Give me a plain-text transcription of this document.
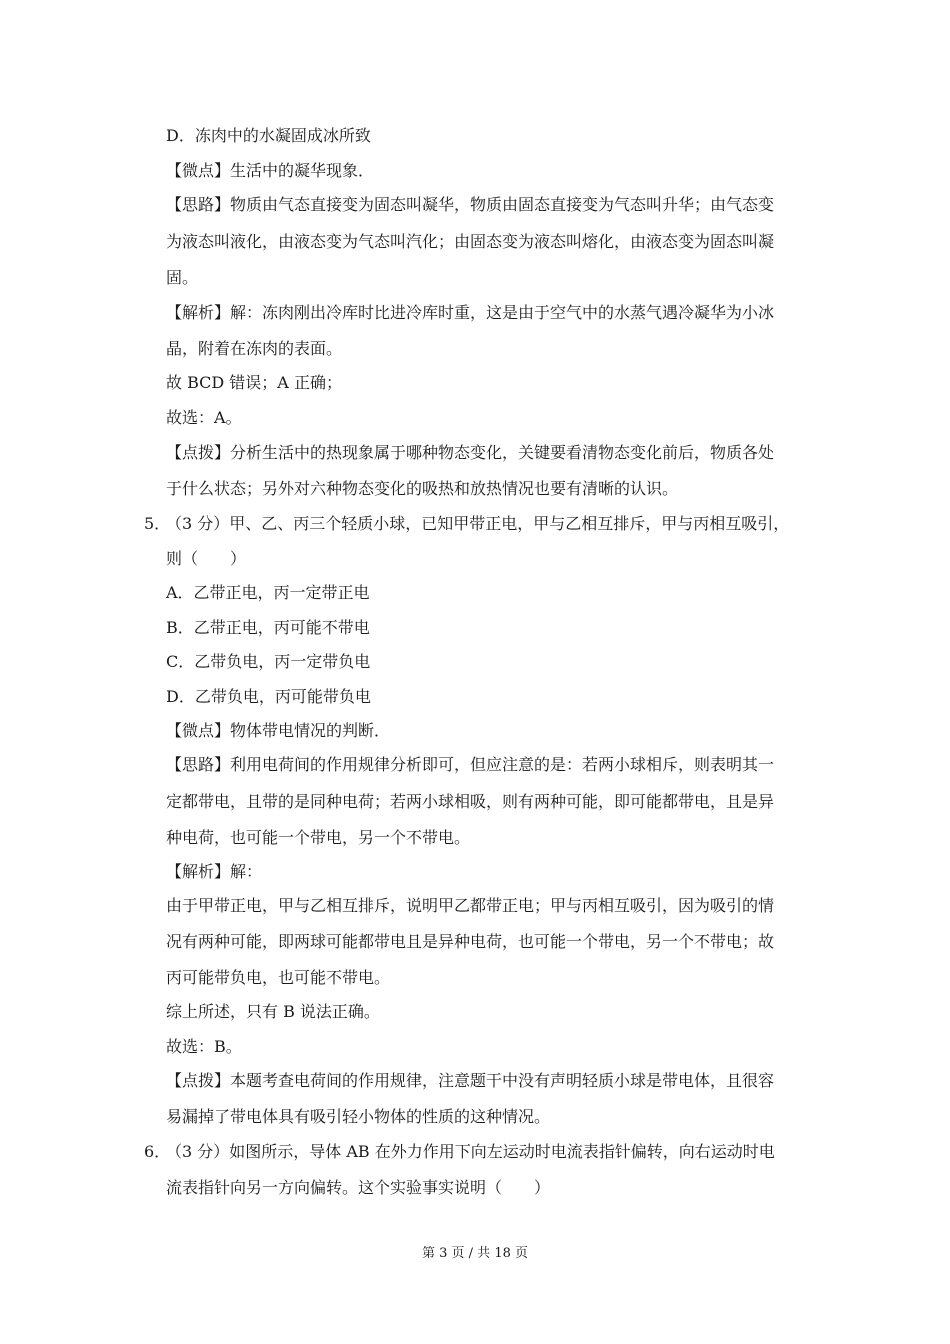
D．冻肉中的水凝固成冰所致
【微点】生活中的凝华现象．
【思路】物质由气态直接变为固态叫凝华，物质由固态直接变为气态叫升华；由气态变
为液态叫液化，由液态变为气态叫汽化；由固态变为液态叫熔化，由液态变为固态叫凝
固。
【解析】解：冻肉刚出冷库时比进冷库时重，这是由于空气中的水蒸气遇冷凝华为小冰
晶，附着在冻肉的表面。
故 BCD 错误；A 正确；
故选：A。
【点拨】分析生活中的热现象属于哪种物态变化，关键要看清物态变化前后，物质各处
于什么状态；另外对六种物态变化的吸热和放热情况也要有清晰的认识。
5．
（3 分）甲、乙、丙三个轻质小球，已知甲带正电，甲与乙相互排斥，甲与丙相互吸引，
则（　　）
A．乙带正电，丙一定带正电
B．乙带正电，丙可能不带电
C．乙带负电，丙一定带负电
D．乙带负电，丙可能带负电
【微点】物体带电情况的判断．
【思路】利用电荷间的作用规律分析即可，但应注意的是：若两小球相斥，则表明其一
定都带电，且带的是同种电荷；若两小球相吸，则有两种可能，即可能都带电，且是异
种电荷，也可能一个带电，另一个不带电。
【解析】解：
由于甲带正电，甲与乙相互排斥，说明甲乙都带正电；甲与丙相互吸引，因为吸引的情
况有两种可能，即两球可能都带电且是异种电荷，也可能一个带电，另一个不带电；故
丙可能带负电，也可能不带电。
综上所述，只有 B 说法正确。
故选：B。
【点拨】本题考查电荷间的作用规律，注意题干中没有声明轻质小球是带电体，且很容
易漏掉了带电体具有吸引轻小物体的性质的这种情况。
6．
（3 分）如图所示，导体 AB 在外力作用下向左运动时电流表指针偏转，向右运动时电
流表指针向另一方向偏转。这个实验事实说明（　　）
第 3 页 / 共 18 页
